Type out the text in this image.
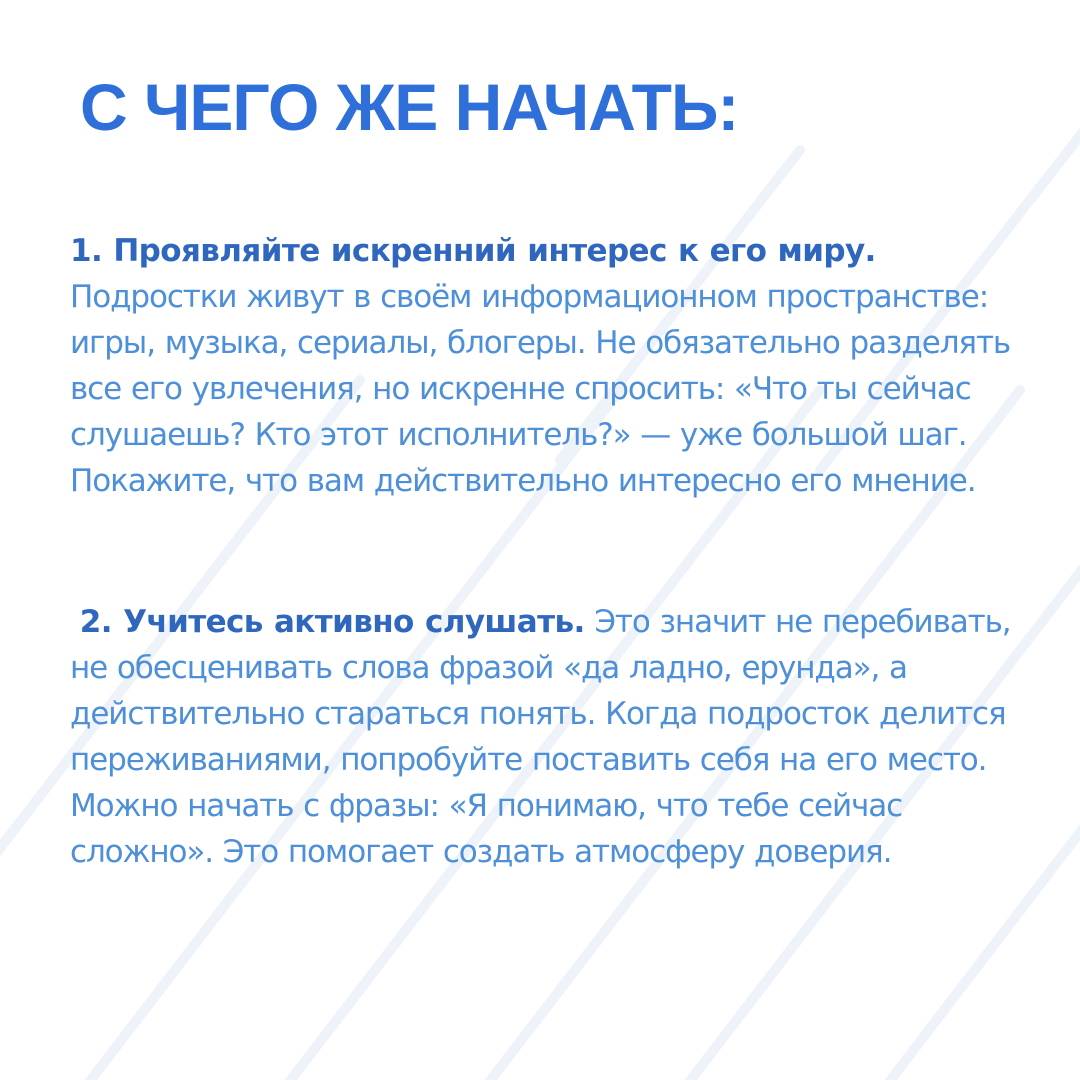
С ЧЕГО ЖЕ НАЧАТЬ:

1. Проявляйте искренний интерес к его миру. Подростки живут в своём информационном пространстве: игры, музыка, сериалы, блогеры. Не обязательно разделять все его увлечения, но искренне спросить: «Что ты сейчас слушаешь? Кто этот исполнитель?» — уже большой шаг. Покажите, что вам действительно интересно его мнение.

2. Учитесь активно слушать. Это значит не перебивать, не обесценивать слова фразой «да ладно, ерунда», а действительно стараться понять. Когда подросток делится переживаниями, попробуйте поставить себя на его место. Можно начать с фразы: «Я понимаю, что тебе сейчас сложно». Это помогает создать атмосферу доверия.
